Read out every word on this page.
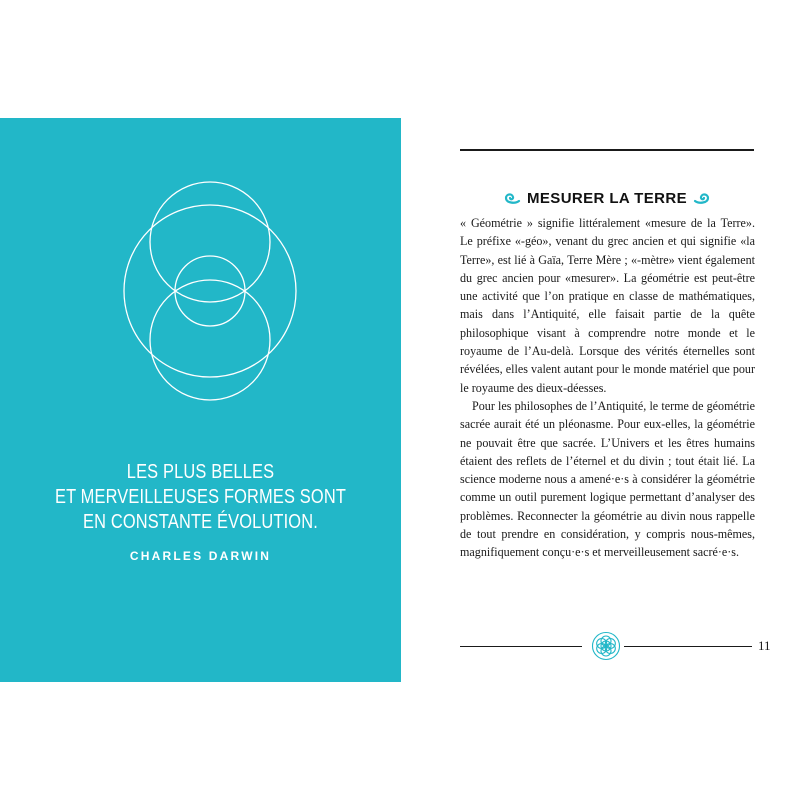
LES PLUS BELLES
ET MERVEILLEUSES FORMES SONT
EN CONSTANTE ÉVOLUTION.
CHARLES DARWIN
MESURER LA TERRE

« Géométrie » signifie littéralement «mesure de la Terre». Le préfixe «-géo», venant du grec ancien et qui signifie «la Terre», est lié à Gaïa, Terre Mère ; «-mètre» vient également du grec ancien pour «mesurer». La géométrie est peut-être une activité que l’on pratique en classe de mathématiques, mais dans l’Antiquité, elle faisait partie de la quête philosophique visant à comprendre notre monde et le royaume de l’Au-delà. Lorsque des vérités éternelles sont révélées, elles valent autant pour le monde matériel que pour le royaume des dieux-déesses.

Pour les philosophes de l’Antiquité, le terme de géométrie sacrée aurait été un pléonasme. Pour eux-elles, la géométrie ne pouvait être que sacrée. L’Univers et les êtres humains étaient des reflets de l’éternel et du divin ; tout était lié. La science moderne nous a amené·e·s à considérer la géométrie comme un outil purement logique permettant d’analyser des problèmes. Reconnecter la géométrie au divin nous rappelle de tout prendre en considération, y compris nous-mêmes, magnifiquement conçu·e·s et merveilleusement sacré·e·s.

11
